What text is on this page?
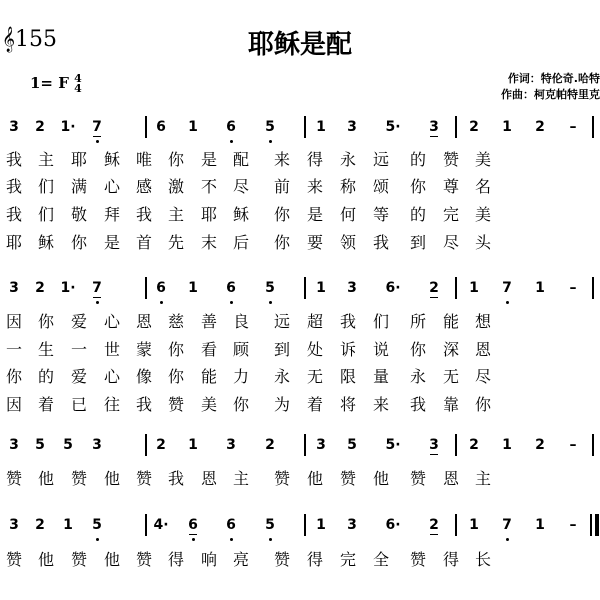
𝄞155	耶稣是配
1= F 4
4
作词：特伦奇.哈特
作曲：柯克帕特里克
3 2 1· 7	6 1 6 5	1 3 5· 3 2 1 2	–
我 主 耶 稣 唯 你 是 配 来 得 永 远 的 赞 美
我 们 满 心 感 激 不 尽 前 来 称 颂 你 尊 名
我 们 敬 拜 我 主 耶 稣 你 是 何 等 的 完 美
耶 稣 你 是 首 先 末 后 你 要 领 我 到 尽 头
3 2 1· 7	6 1 6 5	1 3 6· 2 1 7 1	–
因 你 爱 心 恩 慈 善 良 远 超 我 们 所 能 想
一 生 一 世 蒙 你 看 顾 到 处 诉 说 你 深 恩
你 的 爱 心 像 你 能 力 永 无 限 量 永 无 尽
因 着 已 往 我 赞 美 你 为 着 将 来 我 靠 你
3 5 5 3	2 1 3 2	3 5 5· 3 2 1 2	–
赞 他 赞 他 赞 我 恩 主 赞 他 赞 他 赞 恩 主
3 2 1 5	4· 6 6 5	1 3 6· 2 1 7 1	–
赞 他 赞 他 赞 得 响 亮 赞 得 完 全 赞 得 长
